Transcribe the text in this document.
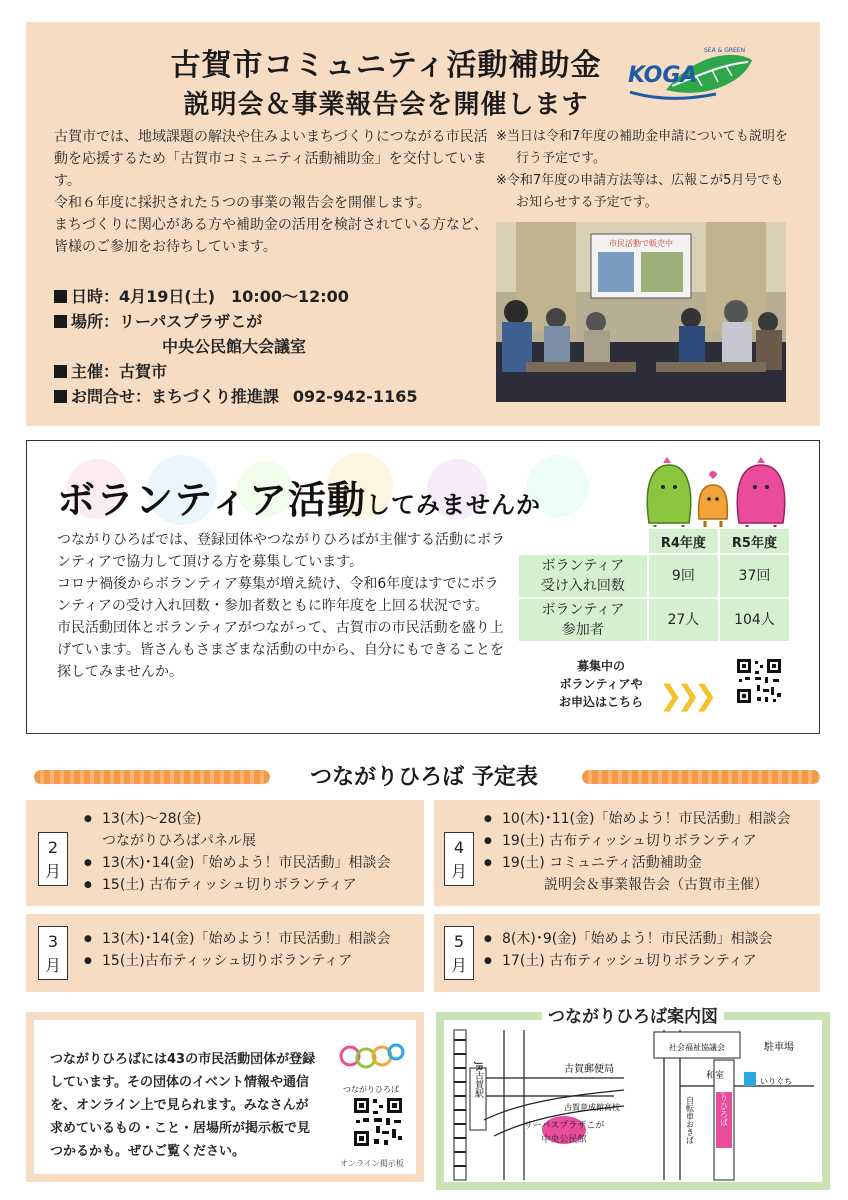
古賀市コミュニティ活動補助金
説明会＆事業報告会を開催します
KOGA
SEA & GREEN

古賀市では、地域課題の解決や住みよいまちづくりにつながる市民活動を応援するため「古賀市コミュニティ活動補助金」を交付しています。

令和６年度に採択された５つの事業の報告会を開催します。

まちづくりに関心がある方や補助金の活用を検討されている方など、皆様のご参加をお待ちしています。

※当日は令和7年度の補助金申請についても説明を行う予定です。

※令和7年度の申請方法等は、広報こが5月号でもお知らせする予定です。

日時：4月19日(土)　10:00〜12:00
場所：リーパスプラザこが
中央公民館大会議室
主催：古賀市
お問合せ：まちづくり推進課 092-942-1165
市民活動で販売中
ボランティア活動してみませんか

つながりひろばでは、登録団体やつながりひろばが主催する活動にボランティアで協力して頂ける方を募集しています。

コロナ禍後からボランティア募集が増え続け、令和6年度はすでにボランティアの受け入れ回数・参加者数ともに昨年度を上回る状況です。

市民活動団体とボランティアがつながって、古賀市の市民活動を盛り上げています。皆さんもさまざまな活動の中から、自分にもできることを探してみませんか。

	R4年度	R5年度
ボランティア
受け入れ回数	9回	37回
ボランティア
参加者	27人	104人
募集中の
ボランティアや
お申込はこちら ❯❯❯
つながりひろば 予定表
2
月
● 13(木)〜28(金)
つながりひろばパネル展
● 13(木)･14(金)「始めよう！市民活動」相談会
● 15(土) 古布ティッシュ切りボランティア
4
月
● 10(木)･11(金)「始めよう！市民活動」相談会
● 19(土) 古布ティッシュ切りボランティア
● 19(土) コミュニティ活動補助金
説明会＆事業報告会（古賀市主催）
3
月
● 13(木)･14(金)「始めよう！市民活動」相談会
● 15(土)古布ティッシュ切りボランティア
5
月
● 8(木)･9(金)「始めよう！市民活動」相談会
● 17(土) 古布ティッシュ切りボランティア
つながりひろばには43の市民活動団体が登録しています。その団体のイベント情報や通信を、オンライン上で見られます。みなさんが求めているもの・こと・居場所が掲示板で見つかるかも。ぜひご覧ください。
つながりひろば
オンライン掲示板
JR古賀駅	古賀郵便局
古賀竟成館高校
リーパスプラザこが
中央公民館
社会福祉協議会	駐車場
つながりひろば
和室
自転車おきば
いりぐち
つながりひろば案内図
